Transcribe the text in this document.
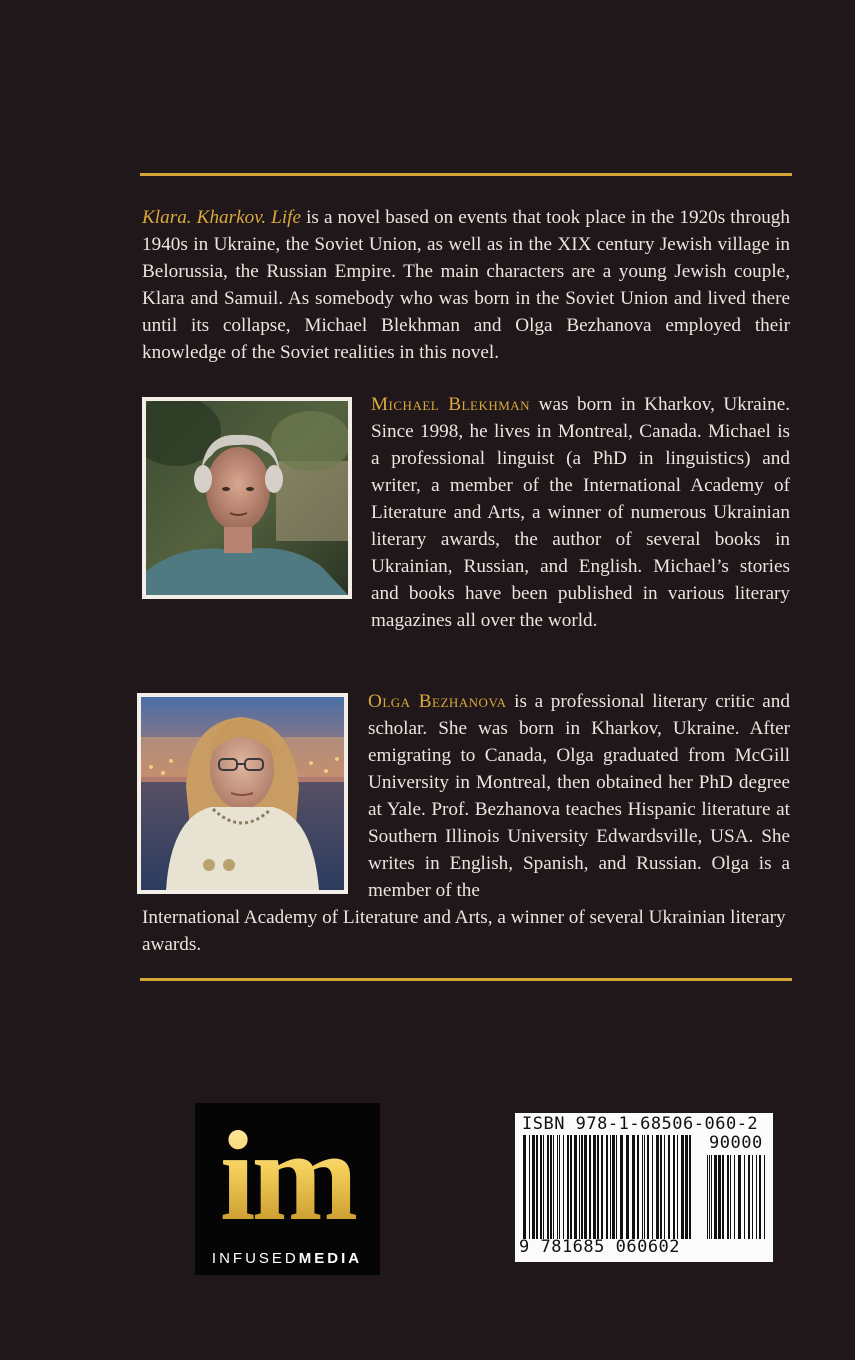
Klara. Kharkov. Life is a novel based on events that took place in the 1920s through 1940s in Ukraine, the Soviet Union, as well as in the XIX century Jewish village in Belorussia, the Russian Empire. The main characters are a young Jewish couple, Klara and Samuil. As somebody who was born in the Soviet Union and lived there until its collapse, Michael Blekhman and Olga Bezhanova employed their knowledge of the Soviet realities in this novel.

Michael Blekhman was born in Kharkov, Ukraine. Since 1998, he lives in Montreal, Canada. Michael is a professional linguist (a PhD in linguistics) and writer, a member of the International Academy of Literature and Arts, a winner of numerous Ukrainian literary awards, the author of several books in Ukrainian, Russian, and English. Michael’s stories and books have been published in various literary magazines all over the world.

Olga Bezhanova is a professional literary critic and scholar. She was born in Kharkov, Ukraine. After emigrating to Canada, Olga graduated from McGill University in Montreal, then obtained her PhD degree at Yale. Prof. Bezhanova teaches Hispanic literature at Southern Illinois University Edwardsville, USA. She writes in English, Spanish, and Russian. Olga is a member of the

International Academy of Literature and Arts, a winner of several Ukrainian literary awards.

im
INFUSEDMEDIA
ISBN 978-1-68506-060-2
90000
9 781685 060602
